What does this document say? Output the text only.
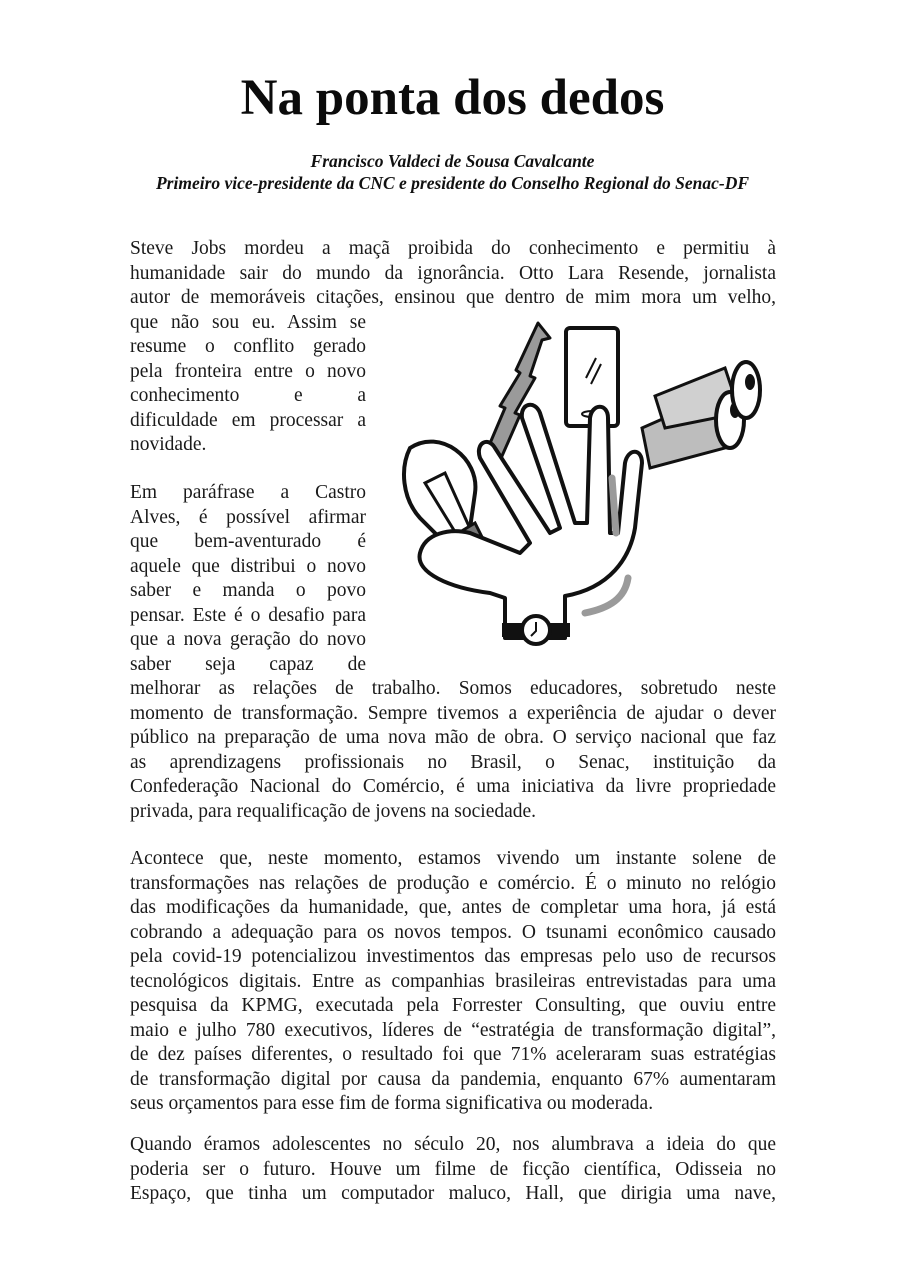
Na ponta dos dedos
Francisco Valdeci de Sousa Cavalcante
Primeiro vice-presidente da CNC e presidente do Conselho Regional do Senac-DF
Steve Jobs mordeu a maçã proibida do conhecimento e permitiu à
humanidade sair do mundo da ignorância. Otto Lara Resende, jornalista
autor de memoráveis citações, ensinou que dentro de mim mora um velho,
que não sou eu. Assim se
resume o conflito gerado
pela fronteira entre o novo
conhecimento e a
dificuldade em processar a
novidade.
Em paráfrase a Castro
Alves, é possível afirmar
que bem-aventurado é
aquele que distribui o novo
saber e manda o povo
pensar. Este é o desafio para
que a nova geração do novo
saber seja capaz de
melhorar as relações de trabalho. Somos educadores, sobretudo neste
momento de transformação. Sempre tivemos a experiência de ajudar o dever
público na preparação de uma nova mão de obra. O serviço nacional que faz
as aprendizagens profissionais no Brasil, o Senac, instituição da
Confederação Nacional do Comércio, é uma iniciativa da livre propriedade
privada, para requalificação de jovens na sociedade.
Acontece que, neste momento, estamos vivendo um instante solene de
transformações nas relações de produção e comércio. É o minuto no relógio
das modificações da humanidade, que, antes de completar uma hora, já está
cobrando a adequação para os novos tempos. O tsunami econômico causado
pela covid-19 potencializou investimentos das empresas pelo uso de recursos
tecnológicos digitais. Entre as companhias brasileiras entrevistadas para uma
pesquisa da KPMG, executada pela Forrester Consulting, que ouviu entre
maio e julho 780 executivos, líderes de “estratégia de transformação digital”,
de dez países diferentes, o resultado foi que 71% aceleraram suas estratégias
de transformação digital por causa da pandemia, enquanto 67% aumentaram
seus orçamentos para esse fim de forma significativa ou moderada.
Quando éramos adolescentes no século 20, nos alumbrava a ideia do que
poderia ser o futuro. Houve um filme de ficção científica, Odisseia no
Espaço, que tinha um computador maluco, Hall, que dirigia uma nave,
